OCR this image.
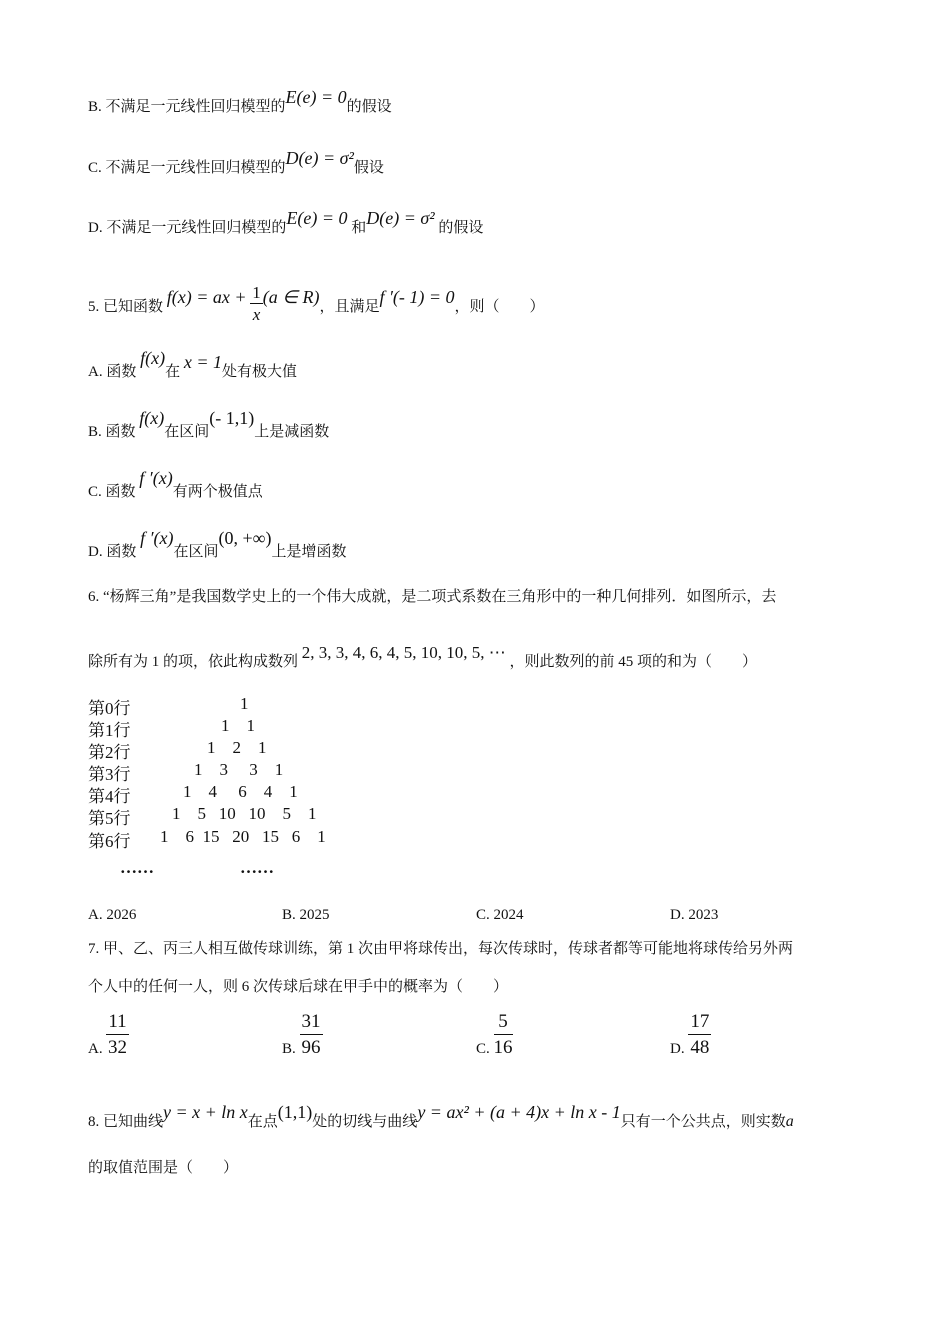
B. 不满足一元线性回归模型的E(e) = 0的假设
C. 不满足一元线性回归模型的D(e) = σ²假设
D. 不满足一元线性回归模型的E(e) = 0 和D(e) = σ² 的假设
5. 已知函数 f(x) = ax + $\frac{1}{x} (a$ ∈ R)，且满足f ′(- 1) = 0，则（　　）
A. 函数 f(x)在 x = 1处有极大值
B. 函数 f(x)在区间(- 1,1)上是减函数
C. 函数 f ′(x)有两个极值点
D. 函数 f ′(x)在区间(0, +∞)上是增函数
6. “杨辉三角”是我国数学史上的一个伟大成就，是二项式系数在三角形中的一种几何排列．如图所示，去
除所有为 1 的项，依此构成数列 2, 3, 3, 4, 6, 4, 5, 10, 10, 5, ⋯ ，则此数列的前 45 项的和为（　　）
第0行	1
第1行	1    1
第2行	1    2    1
第3行	1    3     3    1
第4行	1    4     6    4    1
第5行 1    5   10   10    5    1
第6行 1    6  15   20   15   6    1
……	……
A. 2026	B. 2025	C. 2024	D. 2023
7. 甲、乙、丙三人相互做传球训练，第 1 次由甲将球传出，每次传球时，传球者都等可能地将球传给另外两
个人中的任何一人，则 6 次传球后球在甲手中的概率为（　　）
A. $\frac{11}{32}$	B. $\frac{31}{96}$	C. $\frac{5}{16}$	D. $\frac{17}{48}$
8. 已知曲线y = x + ln x在点(1,1)处的切线与曲线y = ax² + (a + 4)x + ln x - 1只有一个公共点，则实数a
的取值范围是（　　）
